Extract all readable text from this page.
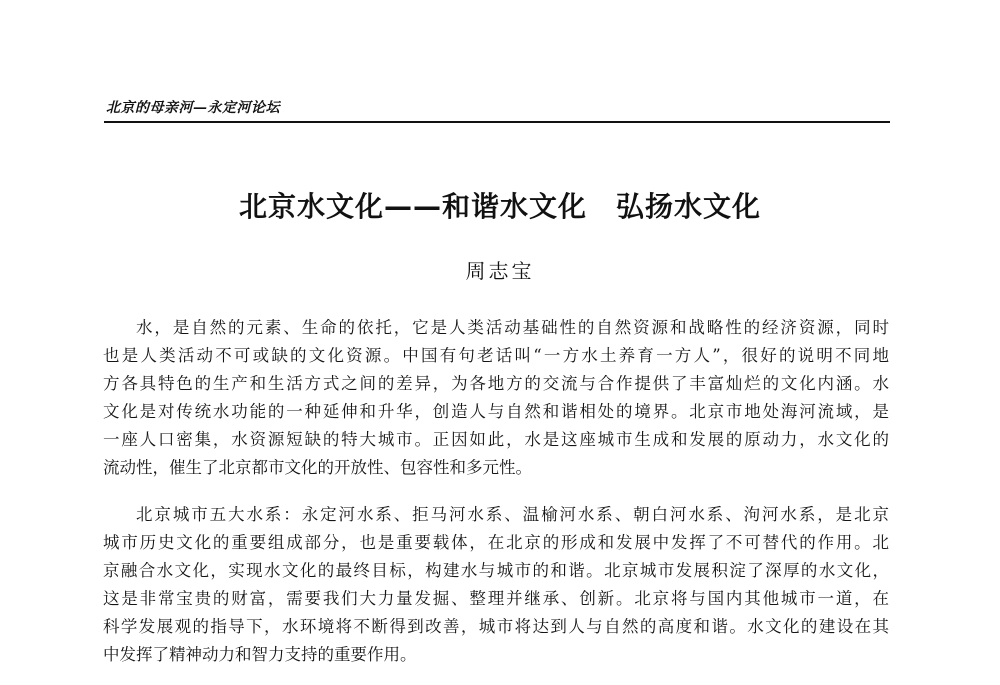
北京的母亲河—永定河论坛
北京水文化——和谐水文化　弘扬水文化
周志宝
水，是自然的元素、生命的依托，它是人类活动基础性的自然资源和战略性的经济资源，同时
也是人类活动不可或缺的文化资源。中国有句老话叫“一方水土养育一方人”，很好的说明不同地
方各具特色的生产和生活方式之间的差异，为各地方的交流与合作提供了丰富灿烂的文化内涵。水
文化是对传统水功能的一种延伸和升华，创造人与自然和谐相处的境界。北京市地处海河流域，是
一座人口密集，水资源短缺的特大城市。正因如此，水是这座城市生成和发展的原动力，水文化的
流动性，催生了北京都市文化的开放性、包容性和多元性。
北京城市五大水系：永定河水系、拒马河水系、温榆河水系、朝白河水系、泃河水系，是北京
城市历史文化的重要组成部分，也是重要载体，在北京的形成和发展中发挥了不可替代的作用。北
京融合水文化，实现水文化的最终目标，构建水与城市的和谐。北京城市发展积淀了深厚的水文化，
这是非常宝贵的财富，需要我们大力量发掘、整理并继承、创新。北京将与国内其他城市一道，在
科学发展观的指导下，水环境将不断得到改善，城市将达到人与自然的高度和谐。水文化的建设在其
中发挥了精神动力和智力支持的重要作用。
